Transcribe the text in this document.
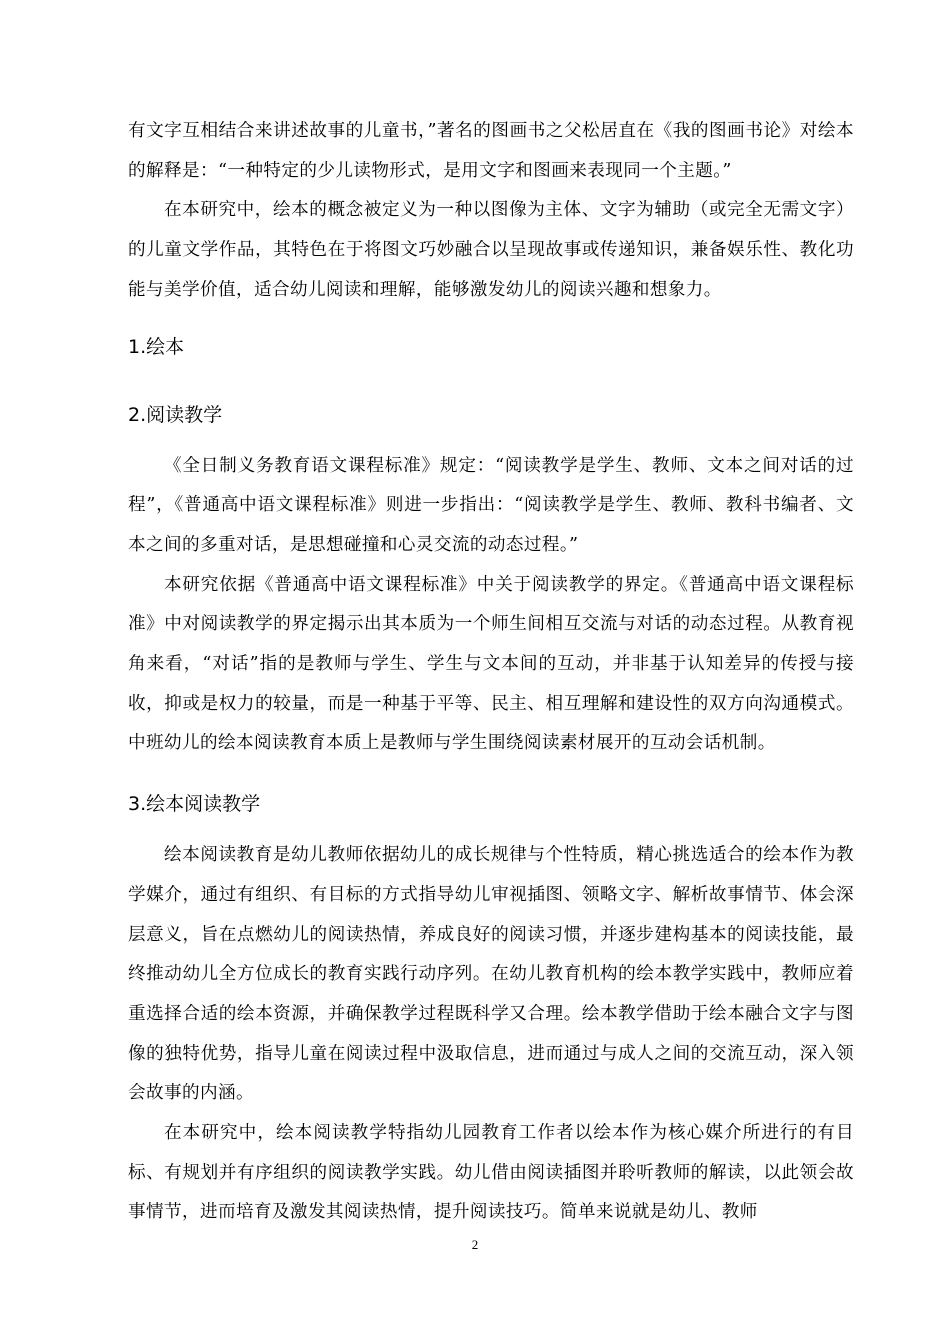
有文字互相结合来讲述故事的儿童书，”著名的图画书之父松居直在《我的图画书论》对绘本的解释是：“一种特定的少儿读物形式，是用文字和图画来表现同一个主题。”

在本研究中，绘本的概念被定义为一种以图像为主体、文字为辅助（或完全无需文字）的儿童文学作品，其特色在于将图文巧妙融合以呈现故事或传递知识，兼备娱乐性、教化功能与美学价值，适合幼儿阅读和理解，能够激发幼儿的阅读兴趣和想象力。

1.绘本
2.阅读教学

《全日制义务教育语文课程标准》规定：“阅读教学是学生、教师、文本之间对话的过程”，《普通高中语文课程标准》则进一步指出：“阅读教学是学生、教师、教科书编者、文本之间的多重对话，是思想碰撞和心灵交流的动态过程。”

本研究依据《普通高中语文课程标准》中关于阅读教学的界定。《普通高中语文课程标准》中对阅读教学的界定揭示出其本质为一个师生间相互交流与对话的动态过程。从教育视角来看，“对话”指的是教师与学生、学生与文本间的互动，并非基于认知差异的传授与接收，抑或是权力的较量，而是一种基于平等、民主、相互理解和建设性的双方向沟通模式。中班幼儿的绘本阅读教育本质上是教师与学生围绕阅读素材展开的互动会话机制。

3.绘本阅读教学

绘本阅读教育是幼儿教师依据幼儿的成长规律与个性特质，精心挑选适合的绘本作为教学媒介，通过有组织、有目标的方式指导幼儿审视插图、领略文字、解析故事情节、体会深层意义，旨在点燃幼儿的阅读热情，养成良好的阅读习惯，并逐步建构基本的阅读技能，最终推动幼儿全方位成长的教育实践行动序列。在幼儿教育机构的绘本教学实践中，教师应着重选择合适的绘本资源，并确保教学过程既科学又合理。绘本教学借助于绘本融合文字与图像的独特优势，指导儿童在阅读过程中汲取信息，进而通过与成人之间的交流互动，深入领会故事的内涵。

在本研究中，绘本阅读教学特指幼儿园教育工作者以绘本作为核心媒介所进行的有目标、有规划并有序组织的阅读教学实践。幼儿借由阅读插图并聆听教师的解读，以此领会故事情节，进而培育及激发其阅读热情，提升阅读技巧。简单来说就是幼儿、教师

2
